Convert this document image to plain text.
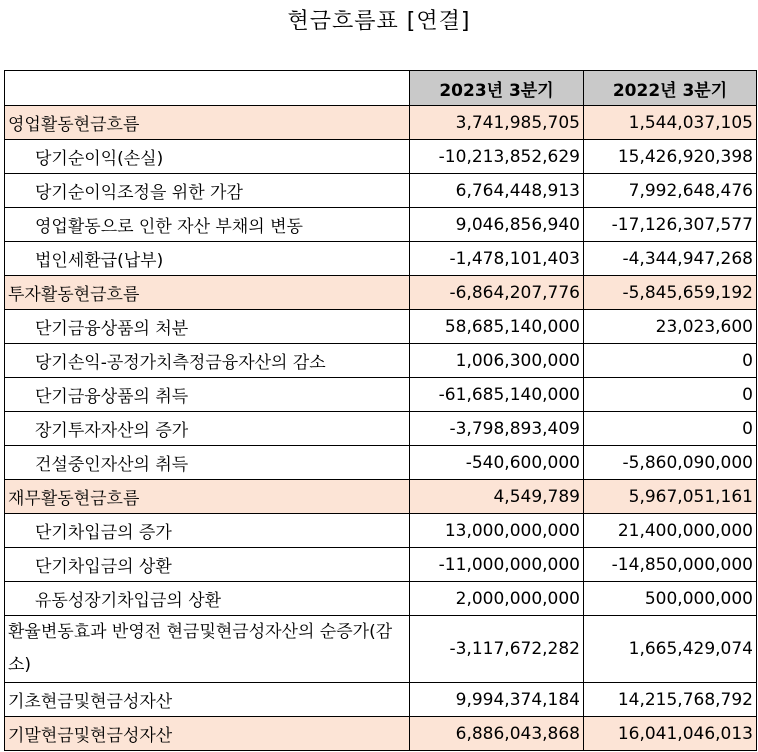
현금흐름표 [연결]
	2023년 3분기	2022년 3분기
영업활동현금흐름	3,741,985,705	1,544,037,105
당기순이익(손실)	-10,213,852,629	15,426,920,398
당기순이익조정을 위한 가감	6,764,448,913	7,992,648,476
영업활동으로 인한 자산 부채의 변동	9,046,856,940	-17,126,307,577
법인세환급(납부)	-1,478,101,403	-4,344,947,268
투자활동현금흐름	-6,864,207,776	-5,845,659,192
단기금융상품의 처분	58,685,140,000	23,023,600
당기손익-공정가치측정금융자산의 감소	1,006,300,000	0
단기금융상품의 취득	-61,685,140,000	0
장기투자자산의 증가	-3,798,893,409	0
건설중인자산의 취득	-540,600,000	-5,860,090,000
재무활동현금흐름	4,549,789	5,967,051,161
단기차입금의 증가	13,000,000,000	21,400,000,000
단기차입금의 상환	-11,000,000,000	-14,850,000,000
유동성장기차입금의 상환	2,000,000,000	500,000,000
환율변동효과 반영전 현금및현금성자산의 순증가(감소)	-3,117,672,282	1,665,429,074
기초현금및현금성자산	9,994,374,184	14,215,768,792
기말현금및현금성자산	6,886,043,868	16,041,046,013
